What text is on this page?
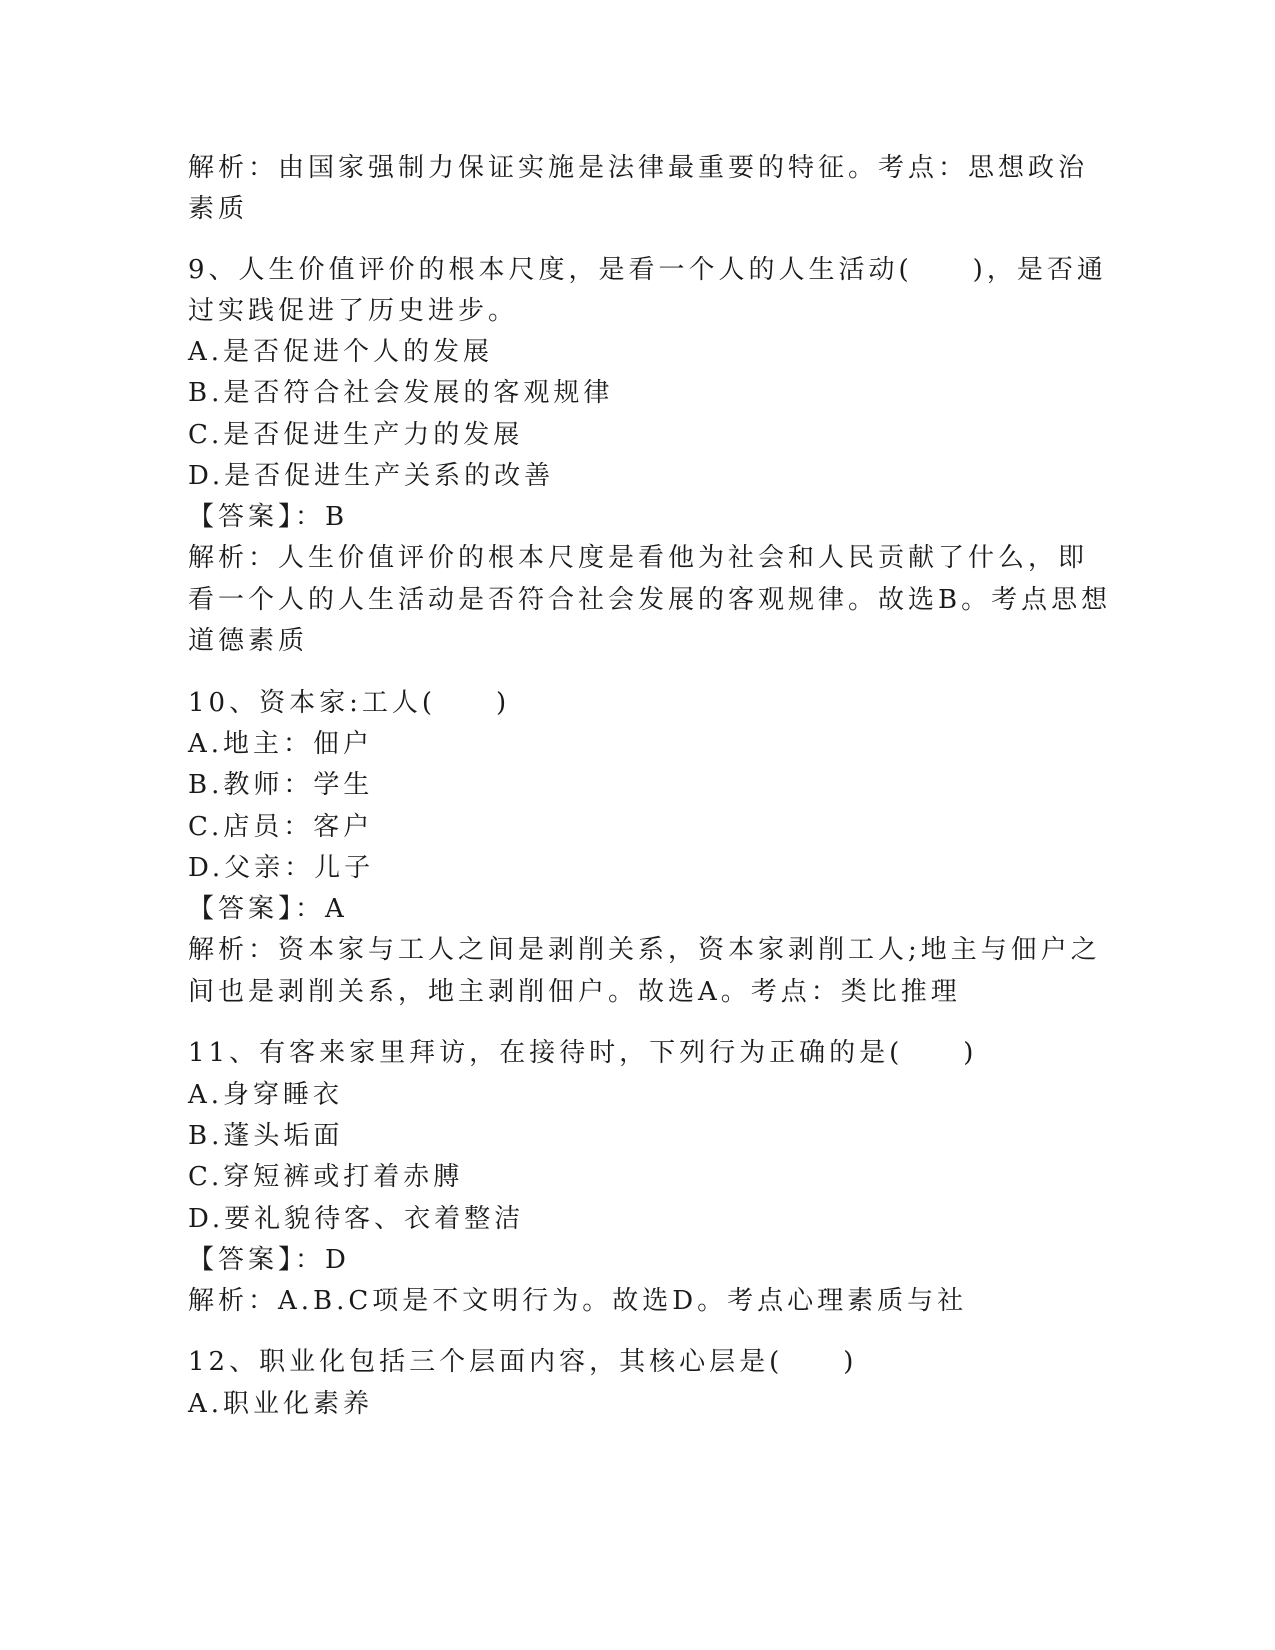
解析：由国家强制力保证实施是法律最重要的特征。考点：思想政治
素质
9、人生价值评价的根本尺度，是看一个人的人生活动(　　)，是否通
过实践促进了历史进步。
A.是否促进个人的发展
B.是否符合社会发展的客观规律
C.是否促进生产力的发展
D.是否促进生产关系的改善
【答案】：B
解析：人生价值评价的根本尺度是看他为社会和人民贡献了什么，即
看一个人的人生活动是否符合社会发展的客观规律。故选B。考点思想
道德素质
10、资本家:工人(　　)
A.地主：佃户
B.教师：学生
C.店员：客户
D.父亲：儿子
【答案】：A
解析：资本家与工人之间是剥削关系，资本家剥削工人;地主与佃户之
间也是剥削关系，地主剥削佃户。故选A。考点：类比推理
11、有客来家里拜访，在接待时，下列行为正确的是(　　)
A.身穿睡衣
B.蓬头垢面
C.穿短裤或打着赤膊
D.要礼貌待客、衣着整洁
【答案】：D
解析：A.B.C项是不文明行为。故选D。考点心理素质与社
12、职业化包括三个层面内容，其核心层是(　　)
A.职业化素养
